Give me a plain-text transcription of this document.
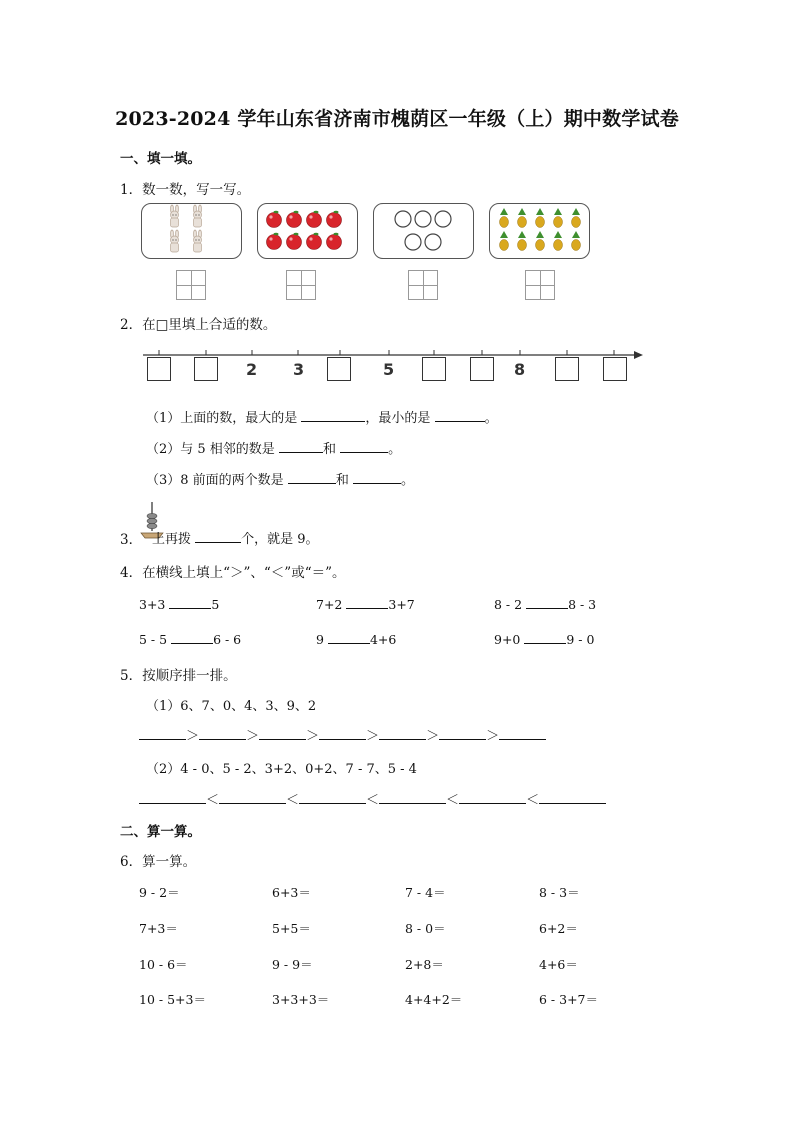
2023-2024 学年山东省济南市槐荫区一年级（上）期中数学试卷
一、填一填。
1．数一数，写一写。
2．在□里填上合适的数。
2 3	5	8
（1）上面的数，最大的是	，最小的是	。
（2）与 5 相邻的数是	和	。
（3）8 前面的两个数是	和	。
3． 上再拨	个，就是 9。
4．在横线上填上“＞”、“＜”或“＝”。
3+3	5	7+2	3+7	8 - 2	8 - 3
5 - 5	6 - 6	9	4+6	9+0	9 - 0
5．按顺序排一排。
（1）6、7、0、4、3、9、2
＞	＞	＞	＞	＞	＞
（2）4 - 0、5 - 2、3+2、0+2、7 - 7、5 - 4
＜	＜	＜	＜	＜
二、算一算。
6．算一算。
9 - 2＝	6+3＝	7 - 4＝	8 - 3＝
7+3＝	5+5＝	8 - 0＝	6+2＝
10 - 6＝	9 - 9＝	2+8＝	4+6＝
10 - 5+3＝	3+3+3＝	4+4+2＝	6 - 3+7＝
